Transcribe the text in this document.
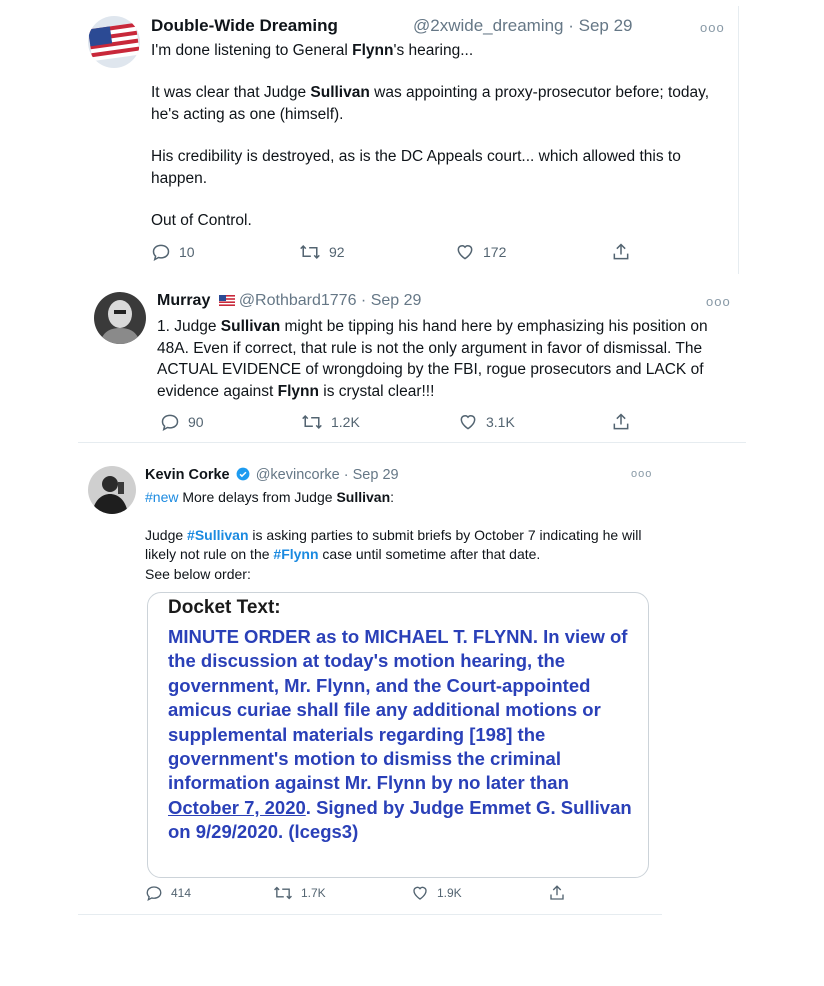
Double-Wide Dreaming	@2xwide_dreaming · Sep 29	ooo

I'm done listening to General Flynn's hearing...

It was clear that Judge Sullivan was appointing a proxy-prosecutor before; today, he's acting as one (himself).

His credibility is destroyed, as is the DC Appeals court... which allowed this to happen.

Out of Control.

10	92	172
Murray @Rothbard1776 · Sep 29	ooo
1. Judge Sullivan might be tipping his hand here by emphasizing his position on 48A. Even if correct, that rule is not the only argument in favor of dismissal. The ACTUAL EVIDENCE of wrongdoing by the FBI, rogue prosecutors and LACK of evidence against Flynn is crystal clear!!!
90	1.2K	3.1K
Kevin Corke @kevincorke · Sep 29	ooo
#new More delays from Judge Sullivan:
Judge #Sullivan is asking parties to submit briefs by October 7 indicating he will likely not rule on the #Flynn case until sometime after that date.
See below order:
Docket Text:
MINUTE ORDER as to MICHAEL T. FLYNN. In view of the discussion at today's motion hearing, the government, Mr. Flynn, and the Court-appointed amicus curiae shall file any additional motions or supplemental materials regarding [198] the government's motion to dismiss the criminal information against Mr. Flynn by no later than October 7, 2020. Signed by Judge Emmet G. Sullivan on 9/29/2020. (lcegs3)
414	1.7K	1.9K
